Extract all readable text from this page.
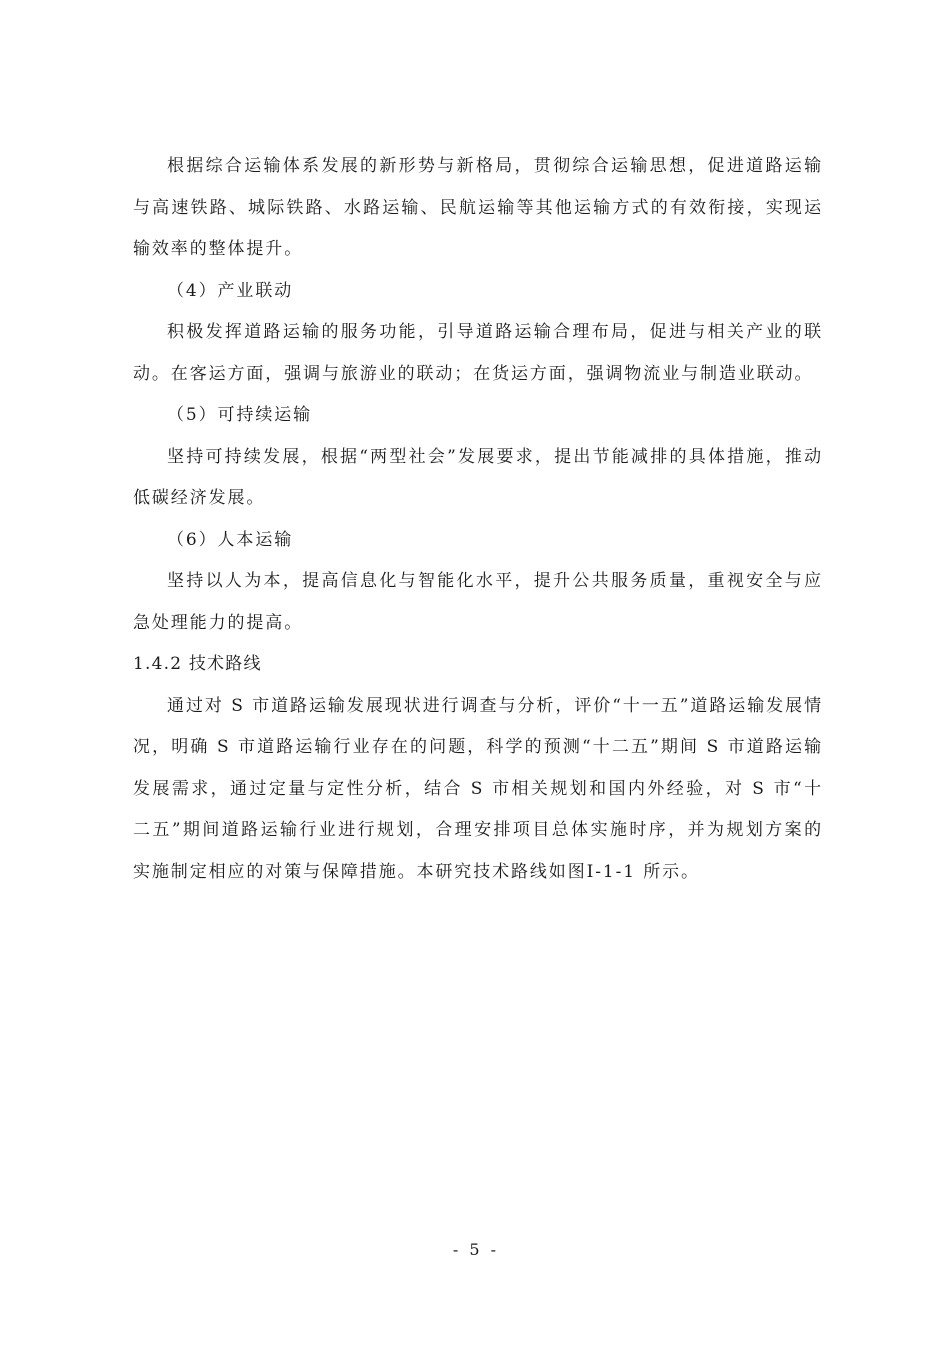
根据综合运输体系发展的新形势与新格局，贯彻综合运输思想，促进道路运输与高速铁路、城际铁路、水路运输、民航运输等其他运输方式的有效衔接，实现运输效率的整体提升。

（4）产业联动

积极发挥道路运输的服务功能，引导道路运输合理布局，促进与相关产业的联动。在客运方面，强调与旅游业的联动；在货运方面，强调物流业与制造业联动。

（5）可持续运输

坚持可持续发展，根据“两型社会”发展要求，提出节能减排的具体措施，推动低碳经济发展。

（6）人本运输

坚持以人为本，提高信息化与智能化水平，提升公共服务质量，重视安全与应急处理能力的提高。

1.4.2 技术路线

通过对 S 市道路运输发展现状进行调查与分析，评价“十一五”道路运输发展情况，明确 S 市道路运输行业存在的问题，科学的预测“十二五”期间 S 市道路运输发展需求，通过定量与定性分析，结合 S 市相关规划和国内外经验，对 S 市“十二五”期间道路运输行业进行规划，合理安排项目总体实施时序，并为规划方案的实施制定相应的对策与保障措施。本研究技术路线如图I-1-1 所示。

- 5 -
